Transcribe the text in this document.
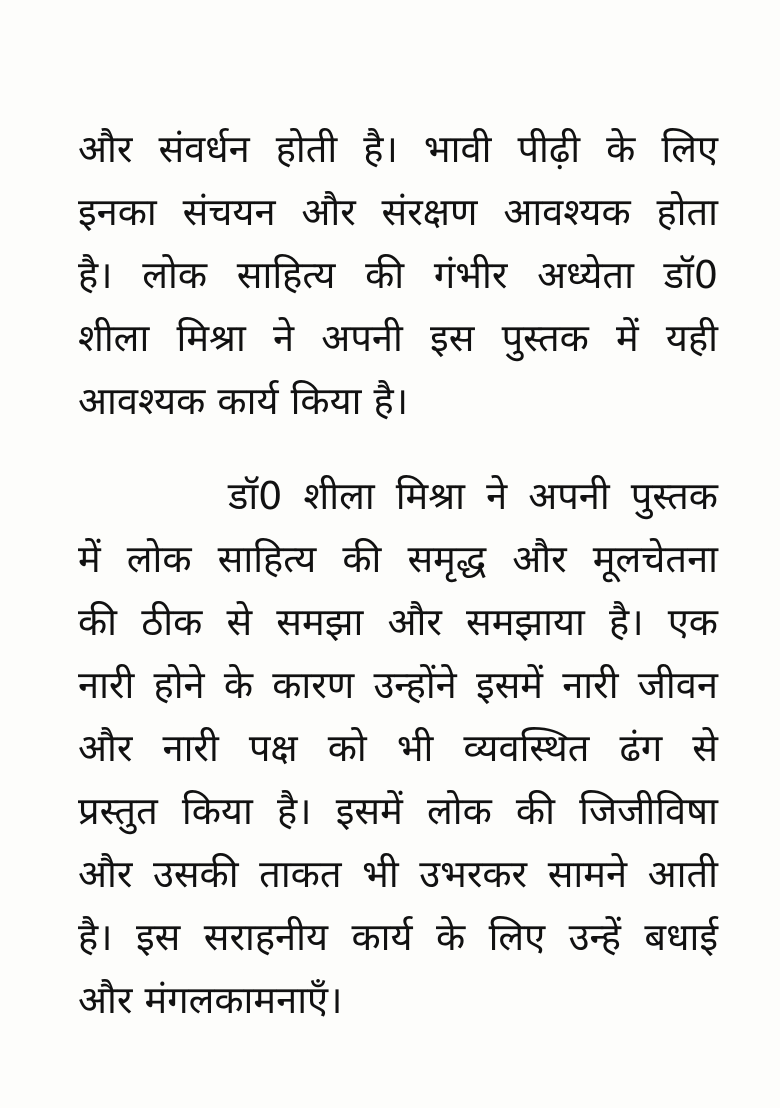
और संवर्धन होती है। भावी पीढ़ी के लिए
इनका संचयन और संरक्षण आवश्यक होता
है। लोक साहित्य की गंभीर अध्येता डॉ0
शीला मिश्रा ने अपनी इस पुस्तक में यही
आवश्यक कार्य किया है।
डॉ0 शीला मिश्रा ने अपनी पुस्तक
में लोक साहित्य की समृद्ध और मूलचेतना
की ठीक से समझा और समझाया है। एक
नारी होने के कारण उन्होंने इसमें नारी जीवन
और नारी पक्ष को भी व्यवस्थित ढंग से
प्रस्तुत किया है। इसमें लोक की जिजीविषा
और उसकी ताकत भी उभरकर सामने आती
है। इस सराहनीय कार्य के लिए उन्हें बधाई
और मंगलकामनाएँ।
